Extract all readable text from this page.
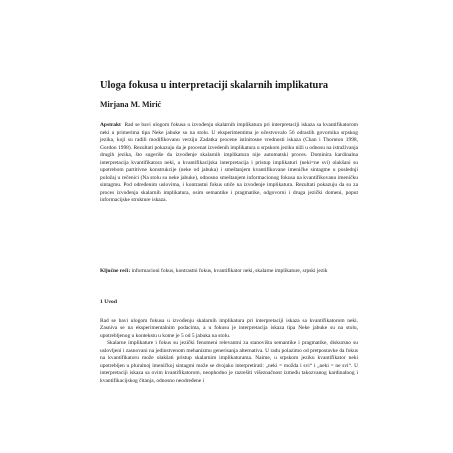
Uloga fokusa u interpretaciji skalarnih implikatura
Mirjana M. Mirić
Apstrakt Rad se bavi ulogom fokusa u izvođenju skalarnih implikatura pri interpretaciji iskaza sa kvantifikatorom neki u primerima tipa Neke jabuke su na stolu. U eksperimentima je učestvovalo 56 odraslih govornika srpskog jezika, koji su radili modifikovanu verziju Zadatka procene istinitosne vrednosti iskaza (Chan i Thornton 1998, Gordon 1998). Rezultati pokazuju da je procenat izvedenih implikatura u srpskom jeziku niži u odnosu na istraživanja drugih jezika, što sugeriše da izvođenje skalarnih implikatura nije automatski proces. Dominira kardinalna interpretacija kvantifikatora neki, a kvantifikacijska interpretacija i pristup implikaturi (neki=ne svi) olakšani su upotrebom partitivne konstrukcije (neke od jabuka) i smeštanjem kvantifikovane imeničke sintagme u poslednji položaj u rečenici (Na stolu su neke jabuke), odnosno smeštanjem informacionog fokusa na kvantifikovanu imeničku sintagmu. Pod određenim uslovima, i kontrastni fokus utiče na izvođenje implikatura. Rezultati pokazuju da su za proces izvođenja skalarnih implikatura, osim semantike i pragmatike, odgovorni i druga jezički domeni, poput informacijske strukture iskaza.
Ključne reči: informacioni fokus, kontrastni fokus, kvantifikator neki, skalarne implikature, srpski jezik
1 Uvod

Rad se bavi ulogom fokusa u izvođenju skalarnih implikatura pri interpretaciji iskaza sa kvantifikatorom neki. Zasniva se na eksperimentalnim podacima, a u fokusu je interpretacija iskaza tipa Neke jabuke su na stolu, upotrebljenog u kontekstu u kome je 5 od 5 jabuka na stolu.

Skalarne implikature i fokus su jezički fenomeni relevantni za stanovišta semantike i pragmatike, diskursno su uslovljeni i zasnovani na jedinstvenom mehanizmu generisanja alternativa. U radu polazimo od pretpostavke da fokus na kvantifikatoru može olakšati pristup skalarnim implikaturama. Naime, u srpskom jeziku kvantifikator neki upotrebljen u pluralnoj imeničkoj sintagmi može se dvojako interpretirati: „neki = možda i svi“ i „neki = ne svi“. U interpretaciji iskaza sa ovim kvantifikatorom, neophodno je razrešiti višeznačnost između takozvanog kardinalnog i kvantifikacijskog čitanja, odnosno neodređene i
